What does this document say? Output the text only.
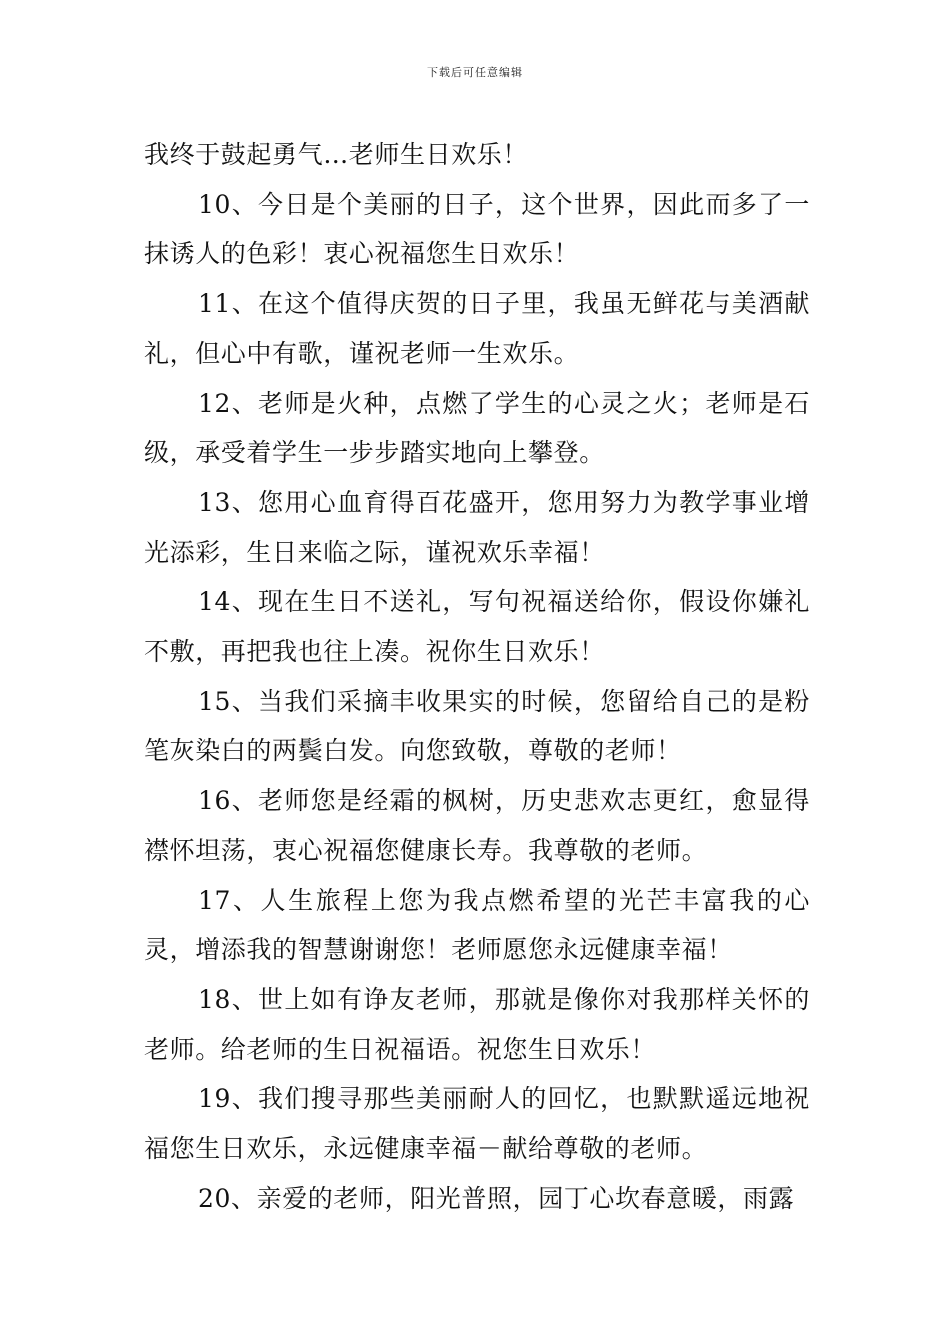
下载后可任意编辑

我终于鼓起勇气…老师生日欢乐！

10、今日是个美丽的日子，这个世界，因此而多了一抹诱人的色彩！衷心祝福您生日欢乐！

11、在这个值得庆贺的日子里，我虽无鲜花与美酒献礼，但心中有歌，谨祝老师一生欢乐。

12、老师是火种，点燃了学生的心灵之火；老师是石级，承受着学生一步步踏实地向上攀登。

13、您用心血育得百花盛开，您用努力为教学事业增光添彩，生日来临之际，谨祝欢乐幸福！

14、现在生日不送礼，写句祝福送给你，假设你嫌礼不敷，再把我也往上凑。祝你生日欢乐！

15、当我们采摘丰收果实的时候，您留给自己的是粉笔灰染白的两鬓白发。向您致敬，尊敬的老师！

16、老师您是经霜的枫树，历史悲欢志更红，愈显得襟怀坦荡，衷心祝福您健康长寿。我尊敬的老师。

17、人生旅程上您为我点燃希望的光芒丰富我的心灵，增添我的智慧谢谢您！老师愿您永远健康幸福！

18、世上如有诤友老师，那就是像你对我那样关怀的老师。给老师的生日祝福语。祝您生日欢乐！

19、我们搜寻那些美丽耐人的回忆，也默默遥远地祝福您生日欢乐，永远健康幸福－献给尊敬的老师。

20、亲爱的老师，阳光普照，园丁心坎春意暖，雨露
